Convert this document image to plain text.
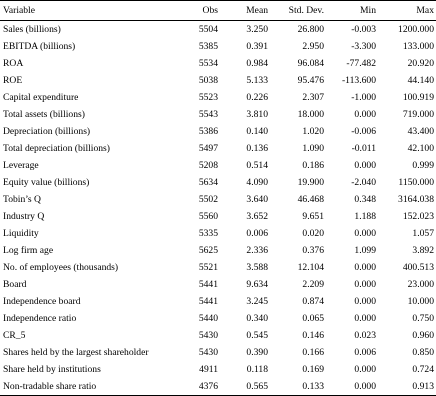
Variable	Obs	Mean	Std. Dev.	Min	Max
Sales (billions)	5504	3.250	26.800	-0.003	1200.000
EBITDA (billions)	5385	0.391	2.950	-3.300	133.000
ROA	5534	0.984	96.084	-77.482	20.920
ROE	5038	5.133	95.476	-113.600	44.140
Capital expenditure	5523	0.226	2.307	-1.000	100.919
Total assets (billions)	5543	3.810	18.000	0.000	719.000
Depreciation (billions)	5386	0.140	1.020	-0.006	43.400
Total depreciation (billions)	5497	0.136	1.090	-0.011	42.100
Leverage	5208	0.514	0.186	0.000	0.999
Equity value (billions)	5634	4.090	19.900	-2.040	1150.000
Tobin’s Q	5502	3.640	46.468	0.348	3164.038
Industry Q	5560	3.652	9.651	1.188	152.023
Liquidity	5335	0.006	0.020	0.000	1.057
Log firm age	5625	2.336	0.376	1.099	3.892
No. of employees (thousands)	5521	3.588	12.104	0.000	400.513
Board	5441	9.634	2.209	0.000	23.000
Independence board	5441	3.245	0.874	0.000	10.000
Independence ratio	5440	0.340	0.065	0.000	0.750
CR_5	5430	0.545	0.146	0.023	0.960
Shares held by the largest shareholder	5430	0.390	0.166	0.006	0.850
Share held by institutions	4911	0.118	0.169	0.000	0.724
Non-tradable share ratio	4376	0.565	0.133	0.000	0.913
